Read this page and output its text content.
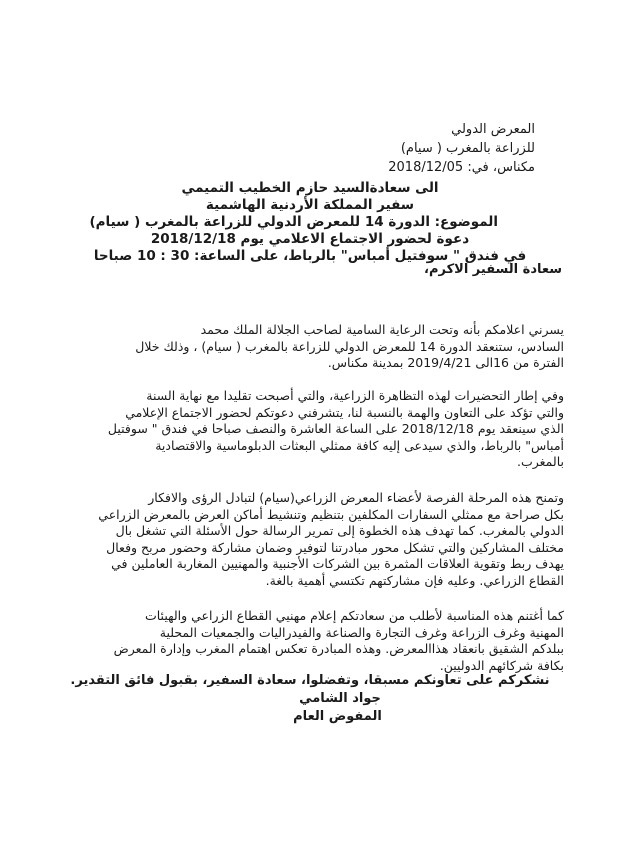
المعرض الدولي
للزراعة بالمغرب ( سيام)
مكناس، في: 2018/12/05
الى سعادةالسيد حازم الخطيب التميمي
سفير المملكة الأردنية الهاشمية
الموضوع: الدورة 14 للمعرض الدولي للزراعة بالمغرب ( سيام)
دعوة لحضور الاجتماع الاعلامي يوم 2018/12/18
في فندق " سوفتيل أمباس" بالرباط، على الساعة: 30 : 10 صباحا
سعادة السفير الاكرم،
يسرني اعلامكم بأنه وتحت الرعاية السامية لصاحب الجلالة الملك محمد
السادس، ستنعقد الدورة 14 للمعرض الدولي للزراعة بالمغرب ( سيام) ، وذلك خلال
الفترة من 16الى 2019/4/21 بمدينة مكناس.
وفي إطار التحضيرات لهذه التظاهرة الزراعية، والتي أصبحت تقليدا مع نهاية السنة
والتي تؤكد على التعاون والهمة بالنسبة لنا، يتشرفني دعوتكم لحضور الاجتماع الإعلامي
الذي سينعقد يوم 2018/12/18 على الساعة العاشرة والنصف صباحا في فندق " سوفتيل
أمباس" بالرباط، والذي سيدعى إليه كافة ممثلي البعثات الدبلوماسية والاقتصادية
بالمغرب.
وتمنح هذه المرحلة الفرصة لأعضاء المعرض الزراعي(سيام) لتبادل الرؤى والافكار
بكل صراحة مع ممثلي السفارات المكلفين بتنظيم وتنشيط أماكن العرض بالمعرض الزراعي
الدولي بالمغرب. كما تهدف هذه الخطوة إلى تمرير الرسالة حول الأسئلة التي تشغل بال
مختلف المشاركين والتي تشكل محور مبادرتنا لتوفير وضمان مشاركة وحضور مربح وفعال
يهدف ربط وتقوية العلاقات المثمرة بين الشركات الأجنبية والمهنيين المغاربة العاملين في
القطاع الزراعي. وعليه فإن مشاركتهم تكتسي أهمية بالغة.
كما أغتنم هذه المناسبة لأطلب من سعادتكم إعلام مهنيي القطاع الزراعي والهيئات
المهنية وغرف الزراعة وغرف التجارة والصناعة والفيدراليات والجمعيات المحلية
ببلدكم الشقيق بانعقاد هذاالمعرض. وهذه المبادرة تعكس اهتمام المغرب وإدارة المعرض
بكافة شركائهم الدوليين.
نشكركم على تعاونكم مسبقا، وتفضلوا، سعادة السفير، بقبول فائق التقدير.
جواد الشامي
المفوض العام
